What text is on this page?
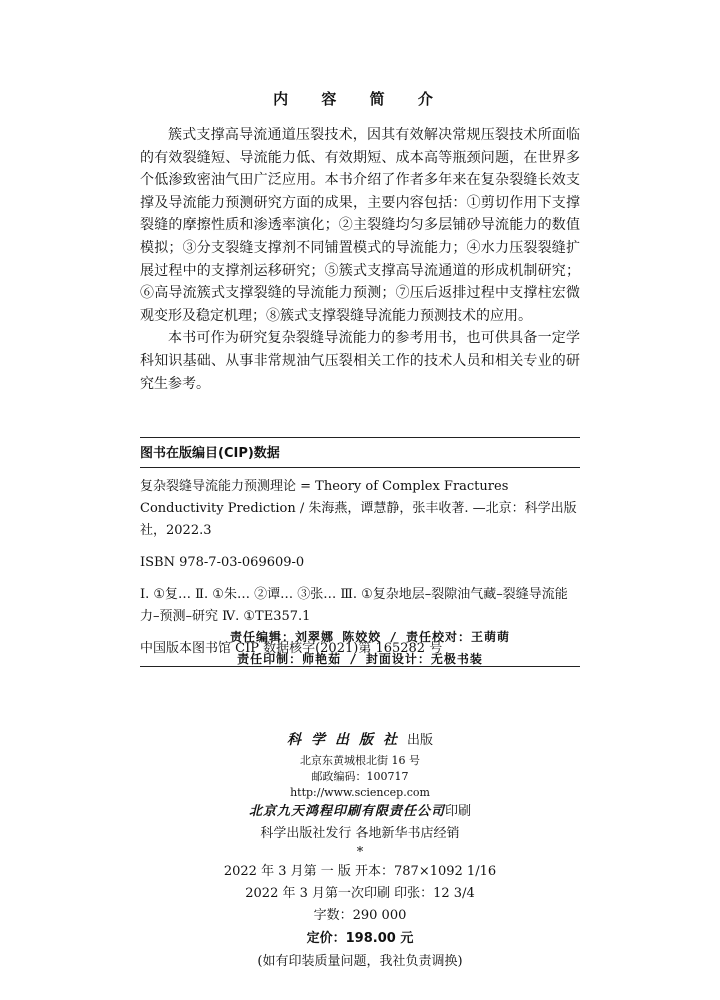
内 容 简 介

簇式支撑高导流通道压裂技术，因其有效解决常规压裂技术所面临的有效裂缝短、导流能力低、有效期短、成本高等瓶颈问题，在世界多个低渗致密油气田广泛应用。本书介绍了作者多年来在复杂裂缝长效支撑及导流能力预测研究方面的成果，主要内容包括：①剪切作用下支撑裂缝的摩擦性质和渗透率演化；②主裂缝均匀多层铺砂导流能力的数值模拟；③分支裂缝支撑剂不同铺置模式的导流能力；④水力压裂裂缝扩展过程中的支撑剂运移研究；⑤簇式支撑高导流通道的形成机制研究；⑥高导流簇式支撑裂缝的导流能力预测；⑦压后返排过程中支撑柱宏微观变形及稳定机理；⑧簇式支撑裂缝导流能力预测技术的应用。

本书可作为研究复杂裂缝导流能力的参考用书，也可供具备一定学科知识基础、从事非常规油气压裂相关工作的技术人员和相关专业的研究生参考。

图书在版编目(CIP)数据
复杂裂缝导流能力预测理论 = Theory of Complex Fractures Conductivity Prediction / 朱海燕，谭慧静，张丰收著. —北京：科学出版社，2022.3
ISBN 978-7-03-069609-0
Ⅰ. ①复… Ⅱ. ①朱… ②谭… ③张… Ⅲ. ①复杂地层–裂隙油气藏–裂缝导流能力–预测–研究 Ⅳ. ①TE357.1
中国版本图书馆 CIP 数据核字(2021)第 165282 号
责任编辑：刘翠娜 陈姣姣 / 责任校对：王萌萌
责任印制：师艳茹 / 封面设计：无极书装
科学出版社出版
北京东黄城根北街 16 号
邮政编码：100717
http://www.sciencep.com
北京九天鸿程印刷有限责任公司印刷
科学出版社发行 各地新华书店经销
*
2022 年 3 月第 一 版 开本：787×1092 1/16
2022 年 3 月第一次印刷 印张：12 3/4
字数：290 000
定价：198.00 元
(如有印装质量问题，我社负责调换)
